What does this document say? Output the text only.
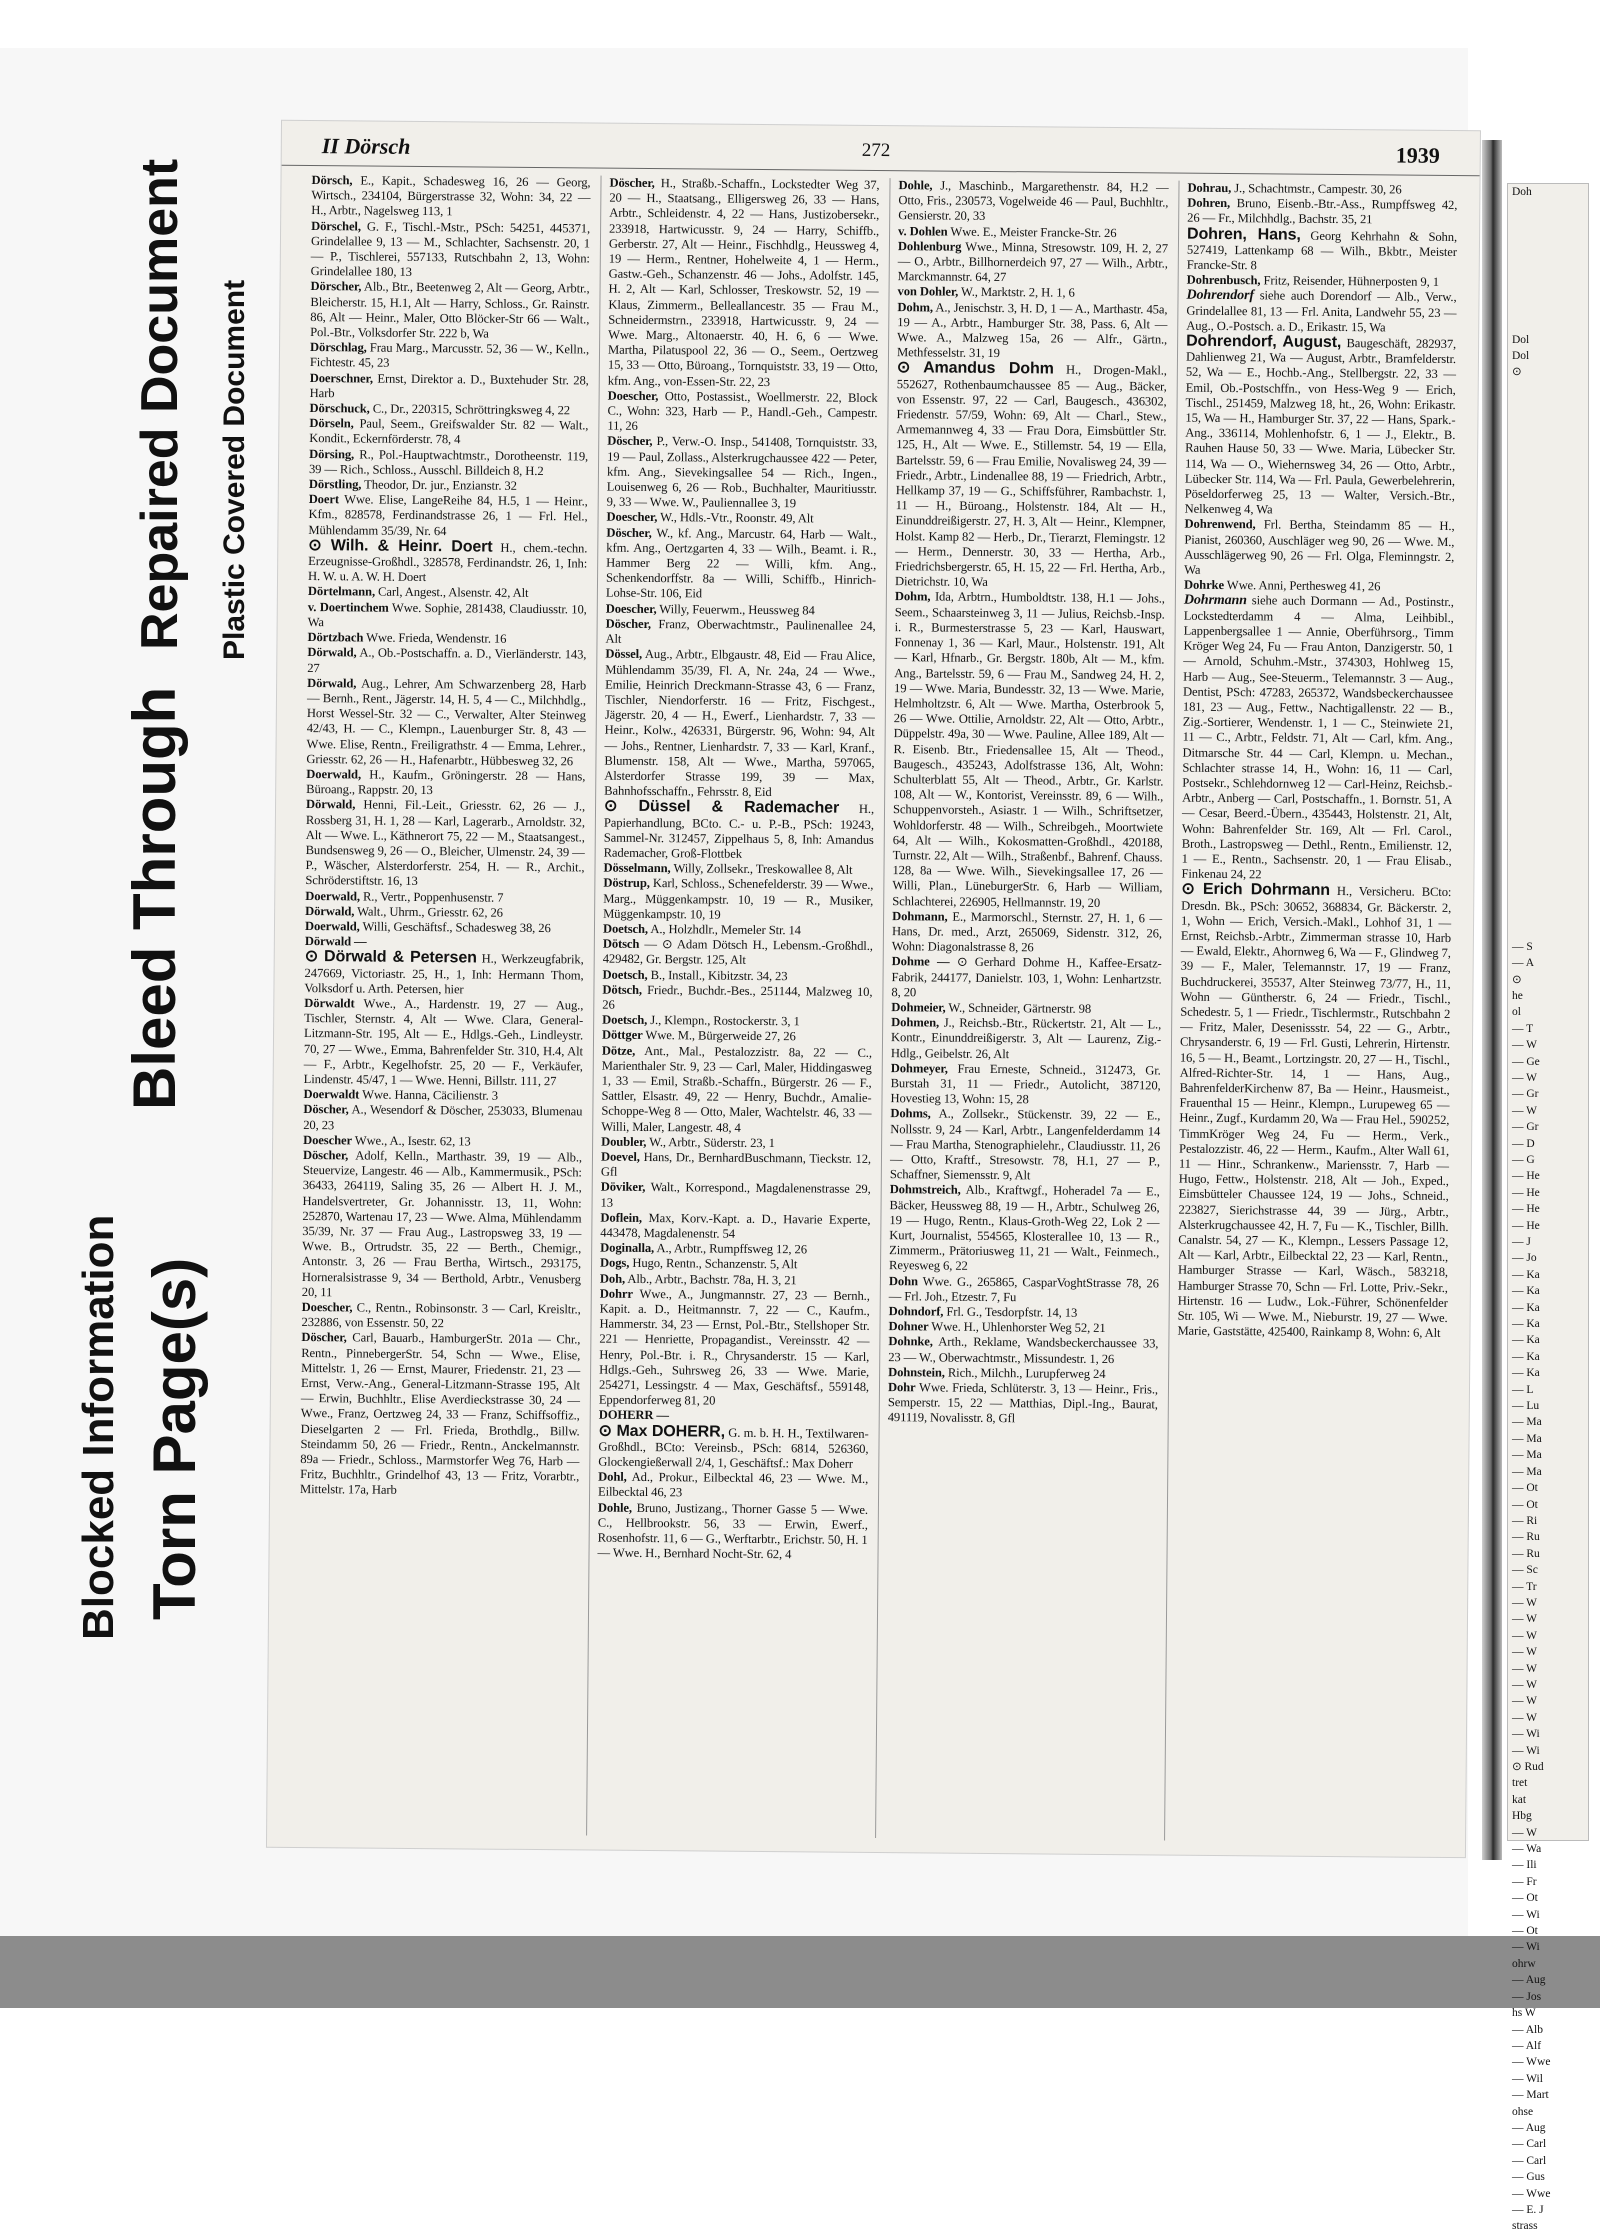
Blocked Information Torn Page(s)
Bleed Through
Repaired Document Plastic Covered Document
II Dörsch	272	1939

Dörsch, E., Kapit., Schadesweg 16, 26 — Georg, Wirtsch., 234104, Bürgerstrasse 32, Wohn: 34, 22 — H., Arbtr., Nagelsweg 113, 1

Dörschel, G. F., Tischl.-Mstr., PSch: 54251, 445371, Grindelallee 9, 13 — M., Schlachter, Sachsenstr. 20, 1 — P., Tischlerei, 557133, Rutschbahn 2, 13, Wohn: Grindelallee 180, 13

Dörscher, Alb., Btr., Beetenweg 2, Alt — Georg, Arbtr., Bleicherstr. 15, H.1, Alt — Harry, Schloss., Gr. Rainstr. 86, Alt — Heinr., Maler, Otto Blöcker-Str 66 — Walt., Pol.-Btr., Volksdorfer Str. 222 b, Wa

Dörschlag, Frau Marg., Marcusstr. 52, 36 — W., Kelln., Fichtestr. 45, 23

Doerschner, Ernst, Direktor a. D., Buxtehuder Str. 28, Harb

Dörschuck, C., Dr., 220315, Schröttringksweg 4, 22

Dörseln, Paul, Seem., Greifswalder Str. 82 — Walt., Kondit., Eckernförderstr. 78, 4

Dörsing, R., Pol.-Hauptwachtmstr., Dorotheenstr. 119, 39 — Rich., Schloss., Ausschl. Billdeich 8, H.2

Dörstling, Theodor, Dr. jur., Enzianstr. 32

Doert Wwe. Elise, LangeReihe 84, H.5, 1 — Heinr., Kfm., 828578, Ferdinandstrasse 26, 1 — Frl. Hel., Mühlendamm 35/39, Nr. 64

⊙ Wilh. & Heinr. Doert H., chem.-techn. Erzeugnisse-Großhdl., 328578, Ferdinandstr. 26, 1, Inh: H. W. u. A. W. H. Doert

Dörtelmann, Carl, Angest., Alsenstr. 42, Alt

v. Doertinchem Wwe. Sophie, 281438, Claudiusstr. 10, Wa

Dörtzbach Wwe. Frieda, Wendenstr. 16

Dörwald, A., Ob.-Postschaffn. a. D., Vierländerstr. 143, 27

Dörwald, Aug., Lehrer, Am Schwarzenberg 28, Harb — Bernh., Rent., Jägerstr. 14, H. 5, 4 — C., Milchhdlg., Horst Wessel-Str. 32 — C., Verwalter, Alter Steinweg 42/43, H. — C., Klempn., Lauenburger Str. 8, 43 — Wwe. Elise, Rentn., Freiligrathstr. 4 — Emma, Lehrer., Griesstr. 62, 26 — H., Hafenarbtr., Hübbesweg 32, 26

Doerwald, H., Kaufm., Gröningerstr. 28 — Hans, Büroang., Rappstr. 20, 13

Dörwald, Henni, Fil.-Leit., Griesstr. 62, 26 — J., Rossberg 31, H. 1, 28 — Karl, Lagerarb., Arnoldstr. 32, Alt — Wwe. L., Käthnerort 75, 22 — M., Staatsangest., Bundsensweg 9, 26 — O., Bleicher, Ulmenstr. 24, 39 — P., Wäscher, Alsterdorferstr. 254, H. — R., Archit., Schröderstiftstr. 16, 13

Doerwald, R., Vertr., Poppenhusenstr. 7

Dörwald, Walt., Uhrm., Griesstr. 62, 26

Doerwald, Willi, Geschäftsf., Schadesweg 38, 26

Dörwald —

⊙ Dörwald & Petersen H., Werkzeugfabrik, 247669, Victoriastr. 25, H., 1, Inh: Hermann Thom, Volksdorf u. Arth. Petersen, hier

Dörwaldt Wwe., A., Hardenstr. 19, 27 — Aug., Tischler, Sternstr. 4, Alt — Wwe. Clara, General-Litzmann-Str. 195, Alt — E., Hdlgs.-Geh., Lindleystr. 70, 27 — Wwe., Emma, Bahrenfelder Str. 310, H.4, Alt — F., Arbtr., Kegelhofstr. 25, 20 — F., Verkäufer, Lindenstr. 45/47, 1 — Wwe. Henni, Billstr. 111, 27

Doerwaldt Wwe. Hanna, Cäcilienstr. 3

Döscher, A., Wesendorf & Döscher, 253033, Blumenau 20, 23

Doescher Wwe., A., Isestr. 62, 13

Döscher, Adolf, Kelln., Marthastr. 39, 19 — Alb., Steuervize, Langestr. 46 — Alb., Kammermusik., PSch: 36433, 264119, Saling 35, 26 — Albert H. J. M., Handelsvertreter, Gr. Johannisstr. 13, 11, Wohn: 252870, Wartenau 17, 23 — Wwe. Alma, Mühlendamm 35/39, Nr. 37 — Frau Aug., Lastropsweg 33, 19 — Wwe. B., Ortrudstr. 35, 22 — Berth., Chemigr., Antonstr. 3, 26 — Frau Bertha, Wirtsch., 293175, Horneralsistrasse 9, 34 — Berthold, Arbtr., Venusberg 20, 11

Doescher, C., Rentn., Robinsonstr. 3 — Carl, Kreisltr., 232886, von Essenstr. 50, 22

Döscher, Carl, Bauarb., HamburgerStr. 201a — Chr., Rentn., PinnebergerStr. 54, Schn — Wwe., Elise, Mittelstr. 1, 26 — Ernst, Maurer, Friedenstr. 21, 23 — Ernst, Verw.-Ang., General-Litzmann-Strasse 195, Alt — Erwin, Buchhltr., Elise Averdieckstrasse 30, 24 — Wwe., Franz, Oertzweg 24, 33 — Franz, Schiffsoffiz., Dieselgarten 2 — Frl. Frieda, Brothdlg., Billw. Steindamm 50, 26 — Friedr., Rentn., Anckelmannstr. 89a — Friedr., Schloss., Marmstorfer Weg 76, Harb — Fritz, Buchhltr., Grindelhof 43, 13 — Fritz, Vorarbtr., Mittelstr. 17a, Harb

Döscher, H., Straßb.-Schaffn., Lockstedter Weg 37, 20 — H., Staatsang., Elligersweg 26, 33 — Hans, Arbtr., Schleidenstr. 4, 22 — Hans, Justizobersekr., 233918, Hartwicusstr. 9, 24 — Harry, Schiffb., Gerberstr. 27, Alt — Heinr., Fischhdlg., Heussweg 4, 19 — Herm., Rentner, Hohelweite 4, 1 — Herm., Gastw.-Geh., Schanzenstr. 46 — Johs., Adolfstr. 145, H. 2, Alt — Karl, Schlosser, Treskowstr. 52, 19 — Klaus, Zimmerm., Belleallancestr. 35 — Frau M., Schneidermstrn., 233918, Hartwicusstr. 9, 24 — Wwe. Marg., Altonaerstr. 40, H. 6, 6 — Wwe. Martha, Pilatuspool 22, 36 — O., Seem., Oertzweg 15, 33 — Otto, Büroang., Tornquiststr. 33, 19 — Otto, kfm. Ang., von-Essen-Str. 22, 23

Doescher, Otto, Postassist., Woellmerstr. 22, Block C., Wohn: 323, Harb — P., Handl.-Geh., Campestr. 11, 26

Döscher, P., Verw.-O. Insp., 541408, Tornquiststr. 33, 19 — Paul, Zollass., Alsterkrugchaussee 422 — Peter, kfm. Ang., Sievekingsallee 54 — Rich., Ingen., Louisenweg 6, 26 — Rob., Buchhalter, Mauritiusstr. 9, 33 — Wwe. W., Pauliennallee 3, 19

Doescher, W., Hdls.-Vtr., Roonstr. 49, Alt

Döscher, W., kf. Ang., Marcustr. 64, Harb — Walt., kfm. Ang., Oertzgarten 4, 33 — Wilh., Beamt. i. R., Hammer Berg 22 — Willi, kfm. Ang., Schenkendorffstr. 8a — Willi, Schiffb., Hinrich-Lohse-Str. 106, Eid

Doescher, Willy, Feuerwm., Heussweg 84

Döscher, Franz, Oberwachtmstr., Paulinenallee 24, Alt

Dössel, Aug., Arbtr., Elbgaustr. 48, Eid — Frau Alice, Mühlendamm 35/39, Fl. A, Nr. 24a, 24 — Wwe., Emilie, Heinrich Dreckmann-Strasse 43, 6 — Franz, Tischler, Niendorferstr. 16 — Fritz, Fischgest., Jägerstr. 20, 4 — H., Ewerf., Lienhardstr. 7, 33 — Heinr., Kolw., 426331, Bürgerstr. 96, Wohn: 94, Alt — Johs., Rentner, Lienhardstr. 7, 33 — Karl, Kranf., Blumenstr. 158, Alt — Wwe., Martha, 597065, Alsterdorfer Strasse 199, 39 — Max, Bahnhofsschaffn., Fehrsstr. 8, Eid

⊙ Düssel & Rademacher H., Papierhandlung, BCto. C.- u. P.-B., PSch: 19243, Sammel-Nr. 312457, Zippelhaus 5, 8, Inh: Amandus Rademacher, Groß-Flottbek

Dösselmann, Willy, Zollsekr., Treskowallee 8, Alt

Döstrup, Karl, Schloss., Schenefelderstr. 39 — Wwe., Marg., Müggenkampstr. 10, 19 — R., Musiker, Müggenkampstr. 10, 19

Doetsch, A., Holzhdlr., Memeler Str. 14

Dötsch — ⊙ Adam Dötsch H., Lebensm.-Großhdl., 429482, Gr. Bergstr. 125, Alt

Doetsch, B., Install., Kibitzstr. 34, 23

Dötsch, Friedr., Buchdr.-Bes., 251144, Malzweg 10, 26

Doetsch, J., Klempn., Rostockerstr. 3, 1

Döttger Wwe. M., Bürgerweide 27, 26

Dötze, Ant., Mal., Pestalozzistr. 8a, 22 — C., Marienthaler Str. 9, 23 — Carl, Maler, Hiddingasweg 1, 33 — Emil, Straßb.-Schaffn., Bürgerstr. 26 — F., Sattler, Elsastr. 49, 22 — Henry, Buchdr., Amalie-Schoppe-Weg 8 — Otto, Maler, Wachtelstr. 46, 33 — Willi, Maler, Langestr. 48, 4

Doubler, W., Arbtr., Süderstr. 23, 1

Doevel, Hans, Dr., BernhardBuschmann, Tieckstr. 12, Gfl

Döviker, Walt., Korrespond., Magdalenenstrasse 29, 13

Doflein, Max, Korv.-Kapt. a. D., Havarie Experte, 443478, Magdalenenstr. 54

Doginalla, A., Arbtr., Rumpffsweg 12, 26

Dogs, Hugo, Rentn., Schanzenstr. 5, Alt

Doh, Alb., Arbtr., Bachstr. 78a, H. 3, 21

Dohrr Wwe., A., Jungmannstr. 27, 23 — Bernh., Kapit. a. D., Heitmannstr. 7, 22 — C., Kaufm., Hammerstr. 34, 23 — Ernst, Pol.-Btr., Stellshoper Str. 221 — Henriette, Propagandist., Vereinsstr. 42 — Henry, Pol.-Btr. i. R., Chrysanderstr. 15 — Karl, Hdlgs.-Geh., Suhrsweg 26, 33 — Wwe. Marie, 254271, Lessingstr. 4 — Max, Geschäftsf., 559148, Eppendorferweg 81, 20

DOHERR —

⊙ Max DOHERR, G. m. b. H. H., Textilwaren-Großhdl., BCto: Vereinsb., PSch: 6814, 526360, Glockengießerwall 2/4, 1, Geschäftsf.: Max Doherr

Dohl, Ad., Prokur., Eilbecktal 46, 23 — Wwe. M., Eilbecktal 46, 23

Dohle, Bruno, Justizang., Thorner Gasse 5 — Wwe. C., Hellbrookstr. 56, 33 — Erwin, Ewerf., Rosenhofstr. 11, 6 — G., Werftarbtr., Erichstr. 50, H. 1 — Wwe. H., Bernhard Nocht-Str. 62, 4

Dohle, J., Maschinb., Margarethenstr. 84, H.2 — Otto, Fris., 230573, Vogelweide 46 — Paul, Buchhltr., Gensierstr. 20, 33

v. Dohlen Wwe. E., Meister Francke-Str. 26

Dohlenburg Wwe., Minna, Stresowstr. 109, H. 2, 27 — O., Arbtr., Billhornerdeich 97, 27 — Wilh., Arbtr., Marckmannstr. 64, 27

von Dohler, W., Marktstr. 2, H. 1, 6

Dohm, A., Jenischstr. 3, H. D, 1 — A., Marthastr. 45a, 19 — A., Arbtr., Hamburger Str. 38, Pass. 6, Alt — Wwe. A., Malzweg 15a, 26 — Alfr., Gärtn., Methfesselstr. 31, 19

⊙ Amandus Dohm H., Drogen-Makl., 552627, Rothenbaumchaussee 85 — Aug., Bäcker, von Essenstr. 97, 22 — Carl, Baugesch., 436302, Friedenstr. 57/59, Wohn: 69, Alt — Charl., Stew., Armemannweg 4, 33 — Frau Dora, Eimsbüttler Str. 125, H., Alt — Wwe. E., Stillemstr. 54, 19 — Ella, Bartelsstr. 59, 6 — Frau Emilie, Novalisweg 24, 39 — Friedr., Arbtr., Lindenallee 88, 19 — Friedrich, Arbtr., Hellkamp 37, 19 — G., Schiffsführer, Rambachstr. 1, 11 — H., Büroang., Holstenstr. 184, Alt — H., Einunddreißigerstr. 27, H. 3, Alt — Heinr., Klempner, Holst. Kamp 82 — Herb., Dr., Tierarzt, Flemingstr. 12 — Herm., Dennerstr. 30, 33 — Hertha, Arb., Friedrichsbergerstr. 65, H. 15, 22 — Frl. Hertha, Arb., Dietrichstr. 10, Wa

Dohm, Ida, Arbtrn., Humboldtstr. 138, H.1 — Johs., Seem., Schaarsteinweg 3, 11 — Julius, Reichsb.-Insp. i. R., Burmesterstrasse 5, 23 — Karl, Hauswart, Fonnenay 1, 36 — Karl, Maur., Holstenstr. 191, Alt — Karl, Hfnarb., Gr. Bergstr. 180b, Alt — M., kfm. Ang., Bartelsstr. 59, 6 — Frau M., Sandweg 24, H. 2, 19 — Wwe. Maria, Bundesstr. 32, 13 — Wwe. Marie, Helmholtzstr. 6, Alt — Wwe. Martha, Osterbrook 5, 26 — Wwe. Ottilie, Arnoldstr. 22, Alt — Otto, Arbtr., Düppelstr. 49a, 30 — Wwe. Pauline, Allee 189, Alt — R. Eisenb. Btr., Friedensallee 15, Alt — Theod., Baugesch., 435243, Adolfstrasse 136, Alt, Wohn: Schulterblatt 55, Alt — Theod., Arbtr., Gr. Karlstr. 108, Alt — W., Kontorist, Vereinsstr. 89, 6 — Wilh., Schuppenvorsteh., Asiastr. 1 — Wilh., Schriftsetzer, Wohldorferstr. 48 — Wilh., Schreibgeh., Moortwiete 64, Alt — Wilh., Kokosmatten-Großhdl., 420188, Turnstr. 22, Alt — Wilh., Straßenbf., Bahrenf. Chauss. 128, 8a — Wwe. Wilh., Sievekingsallee 17, 26 — Willi, Plan., LüneburgerStr. 6, Harb — William, Schlachterei, 226905, Hellmannstr. 19, 20

Dohmann, E., Marmorschl., Sternstr. 27, H. 1, 6 — Hans, Dr. med., Arzt, 265069, Sidenstr. 312, 26, Wohn: Diagonalstrasse 8, 26

Dohme — ⊙ Gerhard Dohme H., Kaffee-Ersatz-Fabrik, 244177, Danielstr. 103, 1, Wohn: Lenhartzstr. 8, 20

Dohmeier, W., Schneider, Gärtnerstr. 98

Dohmen, J., Reichsb.-Btr., Rückertstr. 21, Alt — L., Kontr., Einunddreißigerstr. 3, Alt — Laurenz, Zig.-Hdlg., Geibelstr. 26, Alt

Dohmeyer, Frau Erneste, Schneid., 312473, Gr. Burstah 31, 11 — Friedr., Autolicht, 387120, Hovestieg 13, Wohn: 15, 28

Dohms, A., Zollsekr., Stückenstr. 39, 22 — E., Nollsstr. 9, 24 — Karl, Arbtr., Langenfelderdamm 14 — Frau Martha, Stenographielehr., Claudiusstr. 11, 26 — Otto, Kraftf., Stresowstr. 78, H.1, 27 — P., Schaffner, Siemensstr. 9, Alt

Dohmstreich, Alb., Kraftwgf., Hoheradel 7a — E., Bäcker, Heussweg 88, 19 — H., Arbtr., Schulweg 26, 19 — Hugo, Rentn., Klaus-Groth-Weg 22, Lok 2 — Kurt, Journalist, 554565, Klosterallee 10, 13 — R., Zimmerm., Prätoriusweg 11, 21 — Walt., Feinmech., Reyesweg 6, 22

Dohn Wwe. G., 265865, CasparVoghtStrasse 78, 26 — Frl. Joh., Etzestr. 7, Fu

Dohndorf, Frl. G., Tesdorpfstr. 14, 13

Dohner Wwe. H., Uhlenhorster Weg 52, 21

Dohnke, Arth., Reklame, Wandsbeckerchaussee 33, 23 — W., Oberwachtmstr., Missundestr. 1, 26

Dohnstein, Rich., Milchh., Lurupferweg 24

Dohr Wwe. Frieda, Schlüterstr. 3, 13 — Heinr., Fris., Semperstr. 15, 22 — Matthias, Dipl.-Ing., Baurat, 491119, Novalisstr. 8, Gfl

Dohrau, J., Schachtmstr., Campestr. 30, 26

Dohren, Bruno, Eisenb.-Btr.-Ass., Rumpffsweg 42, 26 — Fr., Milchhdlg., Bachstr. 35, 21

Dohren, Hans, Georg Kehrhahn & Sohn, 527419, Lattenkamp 68 — Wilh., Bkbtr., Meister Francke-Str. 8

Dohrenbusch, Fritz, Reisender, Hühnerposten 9, 1

Dohrendorf siehe auch Dorendorf — Alb., Verw., Grindelallee 81, 13 — Frl. Anita, Landwehr 55, 23 — Aug., O.-Postsch. a. D., Erikastr. 15, Wa

Dohrendorf, August, Baugeschäft, 282937, Dahlienweg 21, Wa — August, Arbtr., Bramfelderstr. 52, Wa — E., Hochb.-Ang., Stellbergstr. 22, 33 — Emil, Ob.-Postschffn., von Hess-Weg 9 — Erich, Tischl., 251459, Malzweg 18, ht., 26, Wohn: Erikastr. 15, Wa — H., Hamburger Str. 37, 22 — Hans, Spark.-Ang., 336114, Mohlenhofstr. 6, 1 — J., Elektr., B. Rauhen Hause 50, 33 — Wwe. Maria, Lübecker Str. 114, Wa — O., Wiehernsweg 34, 26 — Otto, Arbtr., Lübecker Str. 114, Wa — Frl. Paula, Gewerbelehrerin, Pöseldorferweg 25, 13 — Walter, Versich.-Btr., Nelkenweg 4, Wa

Dohrenwend, Frl. Bertha, Steindamm 85 — H., Pianist, 260360, Auschläger weg 90, 26 — Wwe. M., Ausschlägerweg 90, 26 — Frl. Olga, Fleminngstr. 2, Wa

Dohrke Wwe. Anni, Perthesweg 41, 26

Dohrmann siehe auch Dormann — Ad., Postinstr., Lockstedterdamm 4 — Alma, Leihbibl., Lappenbergsallee 1 — Annie, Oberführsorg., Timm Kröger Weg 24, Fu — Frau Anton, Danzigerstr. 50, 1 — Arnold, Schuhm.-Mstr., 374303, Hohlweg 15, Harb — Aug., See-Steuerm., Telemannstr. 3 — Aug., Dentist, PSch: 47283, 265372, Wandsbeckerchaussee 181, 23 — Aug., Fettw., Nachtigallenstr. 22 — B., Zig.-Sortierer, Wendenstr. 1, 1 — C., Steinwiete 21, 11 — C., Arbtr., Feldstr. 71, Alt — Carl, kfm. Ang., Ditmarsche Str. 44 — Carl, Klempn. u. Mechan., Schlachter strasse 14, H., Wohn: 16, 11 — Carl, Postsekr., Schlehdornweg 12 — Carl-Heinz, Reichsb.-Arbtr., Anberg — Carl, Postschaffn., 1. Bornstr. 51, A — Cesar, Beerd.-Übern., 435443, Holstenstr. 21, Alt, Wohn: Bahrenfelder Str. 169, Alt — Frl. Carol., Broth., Lastropsweg — Dethl., Rentn., Emilienstr. 12, 1 — E., Rentn., Sachsenstr. 20, 1 — Frau Elisab., Finkenau 24, 22

⊙ Erich Dohrmann H., Versicheru. BCto: Dresdn. Bk., PSch: 30652, 368834, Gr. Bäckerstr. 2, 1, Wohn — Erich, Versich.-Makl., Lohhof 31, 1 — Ernst, Reichsb.-Arbtr., Zimmerman strasse 10, Harb — Ewald, Elektr., Ahornweg 6, Wa — F., Glindweg 7, 39 — F., Maler, Telemannstr. 17, 19 — Franz, Buchdruckerei, 35537, Alter Steinweg 73/77, H., 11, Wohn — Güntherstr. 6, 24 — Friedr., Tischl., Schedestr. 5, 1 — Friedr., Tischlermstr., Rutschbahn 2 — Fritz, Maler, Desenissstr. 54, 22 — G., Arbtr., Chrysanderstr. 6, 19 — Frl. Gusti, Lehrerin, Hirtenstr. 16, 5 — H., Beamt., Lortzingstr. 20, 27 — H., Tischl., Alfred-Richter-Str. 14, 1 — Hans, Aug., BahrenfelderKirchenw 87, Ba — Heinr., Hausmeist., Frauenthal 15 — Heinr., Klempn., Lurupeweg 65 — Heinr., Zugf., Kurdamm 20, Wa — Frau Hel., 590252, TimmKröger Weg 24, Fu — Herm., Verk., Pestalozzistr. 46, 22 — Herm., Kaufm., Alter Wall 61, 11 — Hinr., Schrankenw., Mariensstr. 7, Harb — Hugo, Fettw., Holstenstr. 218, Alt — Joh., Exped., Eimsbütteler Chaussee 124, 19 — Johs., Schneid., 223827, Sierichstrasse 44, 39 — Jürg., Arbtr., Alsterkrugchaussee 42, H. 7, Fu — K., Tischler, Billh. Canalstr. 54, 27 — K., Klempn., Lessers Passage 12, Alt — Karl, Arbtr., Eilbecktal 22, 23 — Karl, Rentn., Hamburger Strasse — Karl, Wäsch., 583218, Hamburger Strasse 70, Schn — Frl. Lotte, Priv.-Sekr., Hirtenstr. 16 — Ludw., Lok.-Führer, Schönenfelder Str. 105, Wi — Wwe. M., Nieburstr. 19, 27 — Wwe. Marie, Gaststätte, 425400, Rainkamp 8, Wohn: 6, Alt

Doh

Dol
Dol
⊙

— S
— A
⊙
he
ol
— T
— W
— Ge
— W
— Gr
— W
— Gr
— D
— G
— He
— He
— He
— He
— J
— Jo
— Ka
— Ka
— Ka
— Ka
— Ka
— Ka
— Ka
— L
— Lu
— Ma
— Ma
— Ma
— Ma
— Ot
— Ot
— Ri
— Ru
— Ru
— Sc
— Tr
— W
— W
— W
— W
— W
— W
— W
— W
— Wi
— Wi
⊙ Rud
tret
kat
Hbg
— W
— Wa
— Ili
— Fr
— Ot
— Wi
— Ot
— Wi
ohrw
— Aug
— Jos
hs W
— Alb
— Alf
— Wwe
— Wil
— Mart
ohse
— Aug
— Carl
— Carl
— Gus
— Wwe
— E. J
strass
